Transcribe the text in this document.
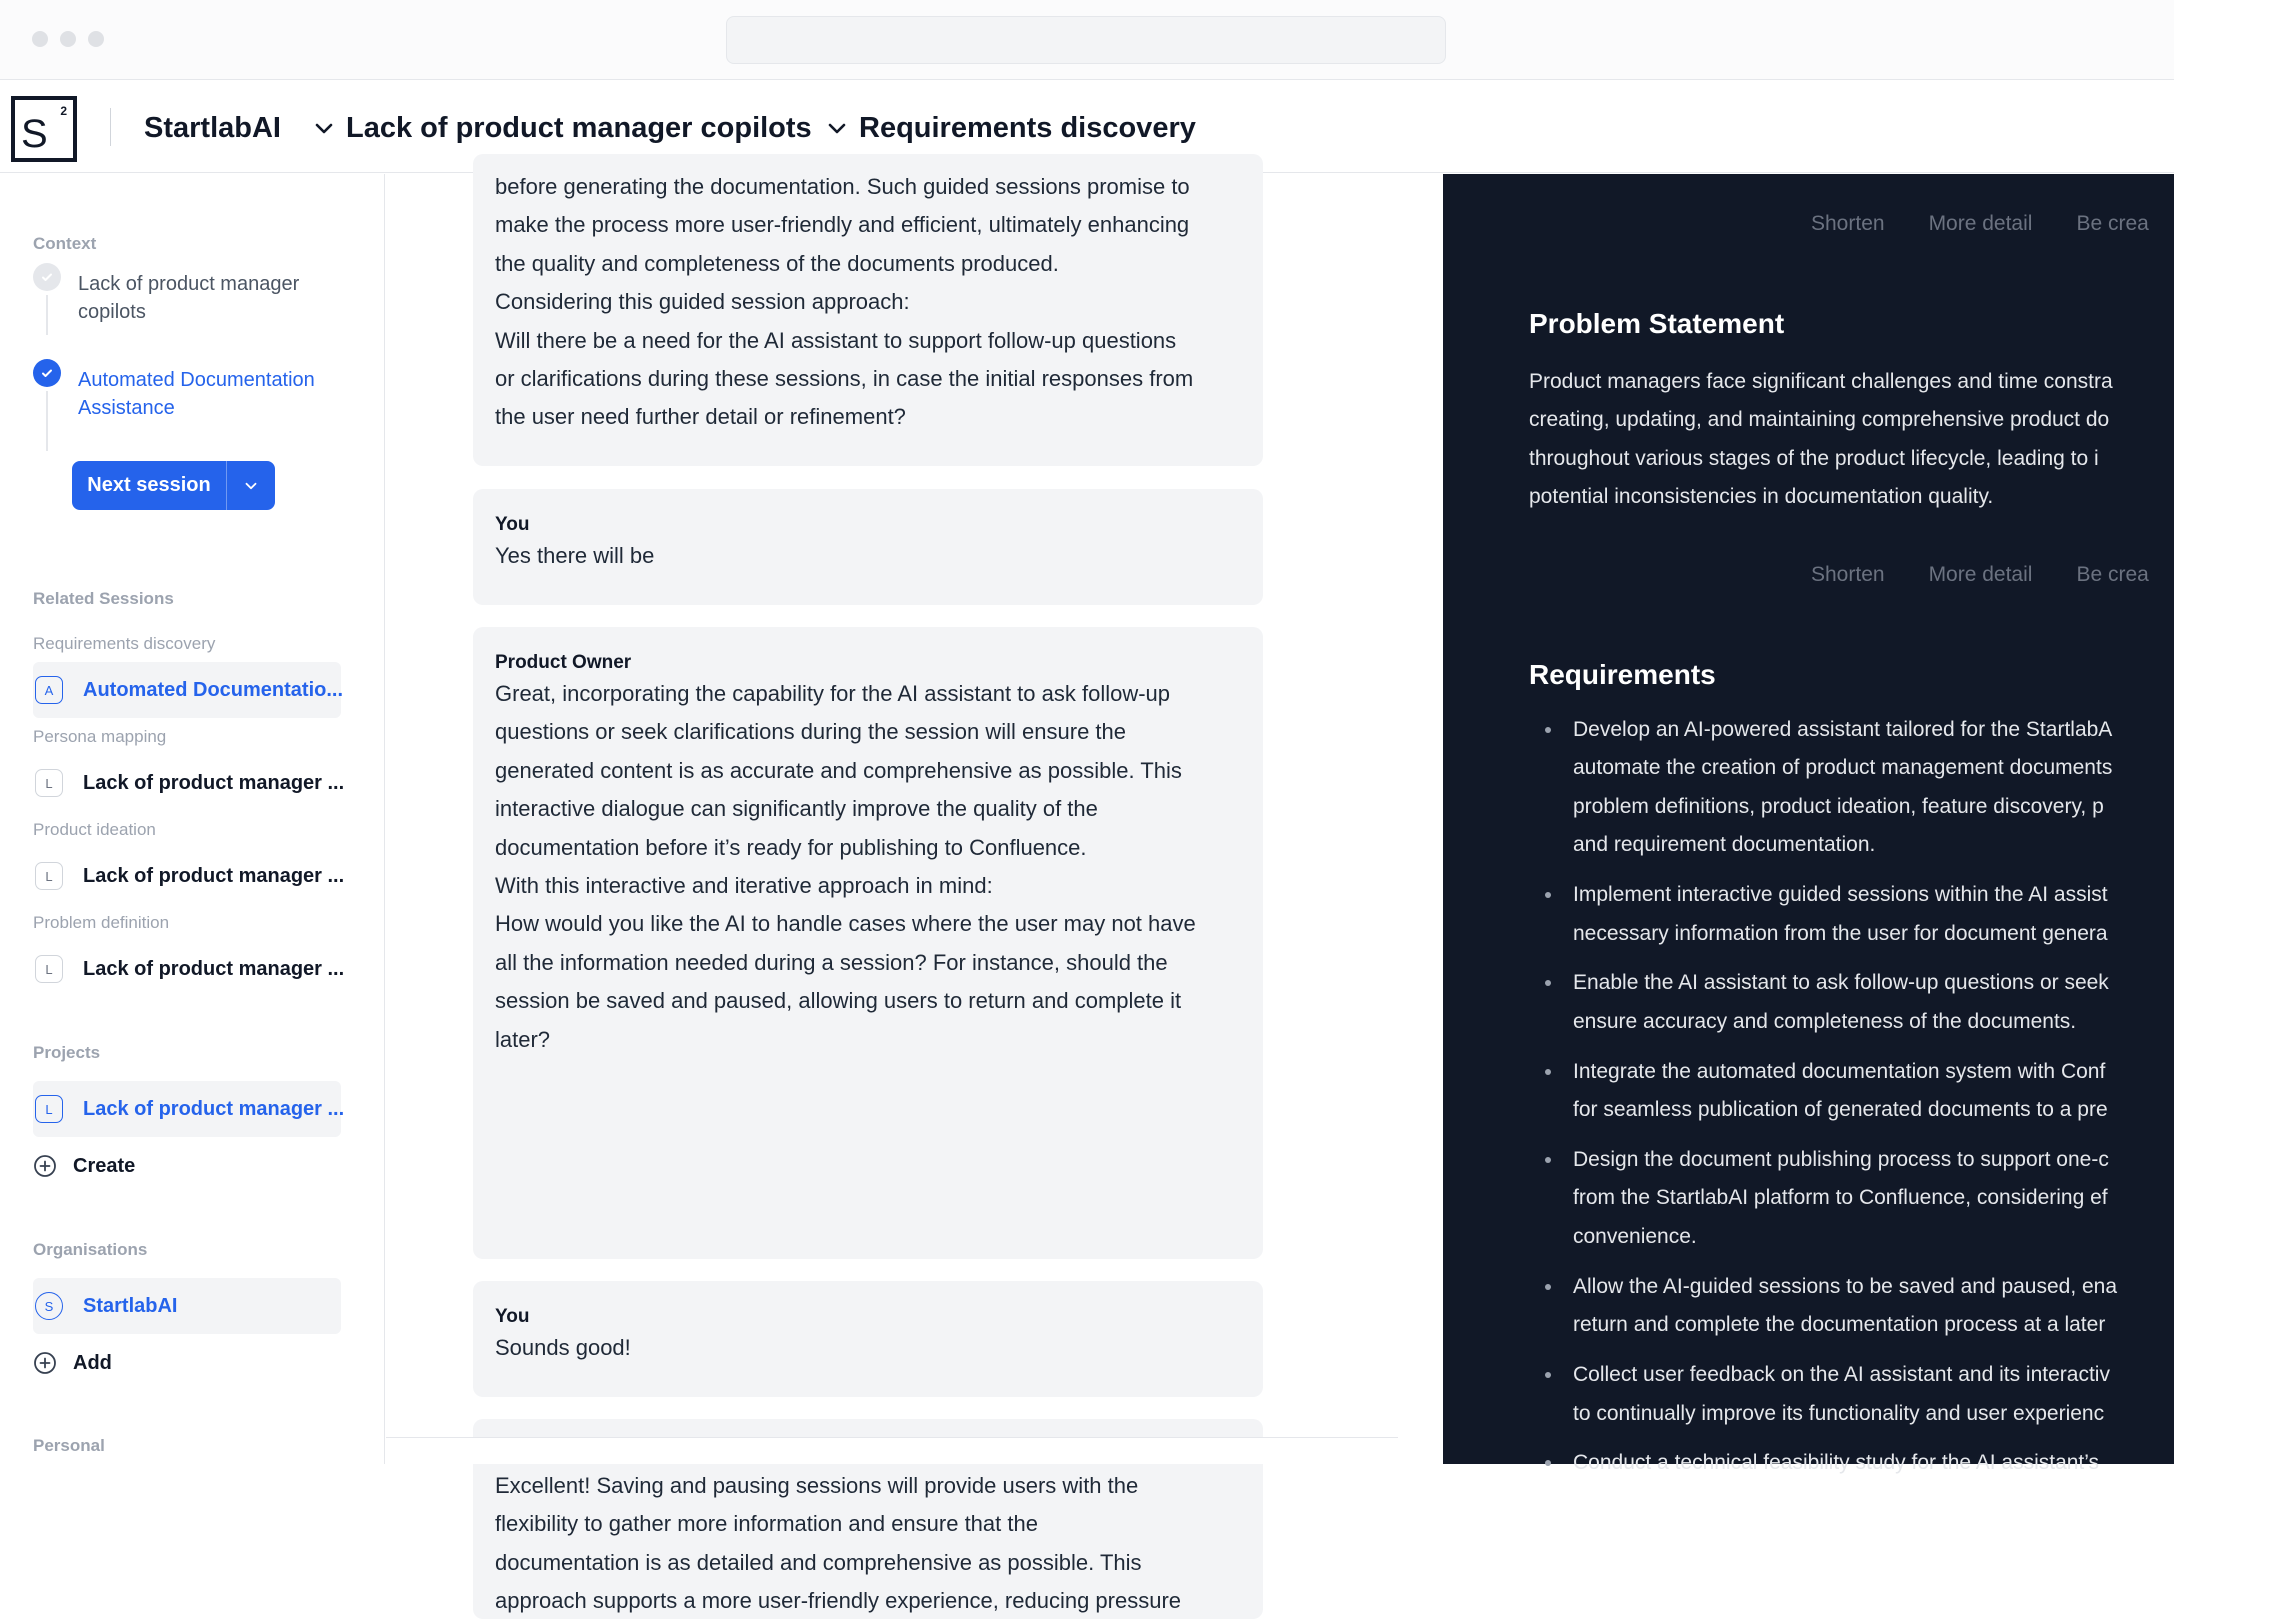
S
2
StartlabAI Lack of product manager copilots Requirements discovery
Context
Lack of product manager copilots
Automated Documentation Assistance
Next session
Related Sessions
Requirements discovery
A	Automated Documentatio...
Persona mapping
L	Lack of product manager ...
Product ideation
L	Lack of product manager ...
Problem definition
L	Lack of product manager ...
Projects
L	Lack of product manager ...
Create
Organisations
S	StartlabAI
Add
Personal

before generating the documentation. Such guided sessions promise to

make the process more user-friendly and efficient, ultimately enhancing

the quality and completeness of the documents produced.

Considering this guided session approach:

Will there be a need for the AI assistant to support follow-up questions

or clarifications during these sessions, in case the initial responses from

the user need further detail or refinement?

You

Yes there will be

Product Owner

Great, incorporating the capability for the AI assistant to ask follow-up

questions or seek clarifications during the session will ensure the

generated content is as accurate and comprehensive as possible. This

interactive dialogue can significantly improve the quality of the

documentation before it’s ready for publishing to Confluence.

With this interactive and iterative approach in mind:

How would you like the AI to handle cases where the user may not have

all the information needed during a session? For instance, should the

session be saved and paused, allowing users to return and complete it

later?

You

Sounds good!

Excellent! Saving and pausing sessions will provide users with the

flexibility to gather more information and ensure that the

documentation is as detailed and comprehensive as possible. This

approach supports a more user-friendly experience, reducing pressure

Shorten More detail Be crea
Problem Statement
Product managers face significant challenges and time constra
creating, updating, and maintaining comprehensive product do
throughout various stages of the product lifecycle, leading to i
potential inconsistencies in documentation quality.
Shorten More detail Be crea
Requirements
Develop an AI-powered assistant tailored for the StartlabA
automate the creation of product management documents
problem definitions, product ideation, feature discovery, p
and requirement documentation.
Implement interactive guided sessions within the AI assist
necessary information from the user for document genera
Enable the AI assistant to ask follow-up questions or seek
ensure accuracy and completeness of the documents.
Integrate the automated documentation system with Conf
for seamless publication of generated documents to a pre
Design the document publishing process to support one-c
from the StartlabAI platform to Confluence, considering ef
convenience.
Allow the AI-guided sessions to be saved and paused, ena
return and complete the documentation process at a later
Collect user feedback on the AI assistant and its interactiv
to continually improve its functionality and user experienc
Conduct a technical feasibility study for the AI assistant’s
